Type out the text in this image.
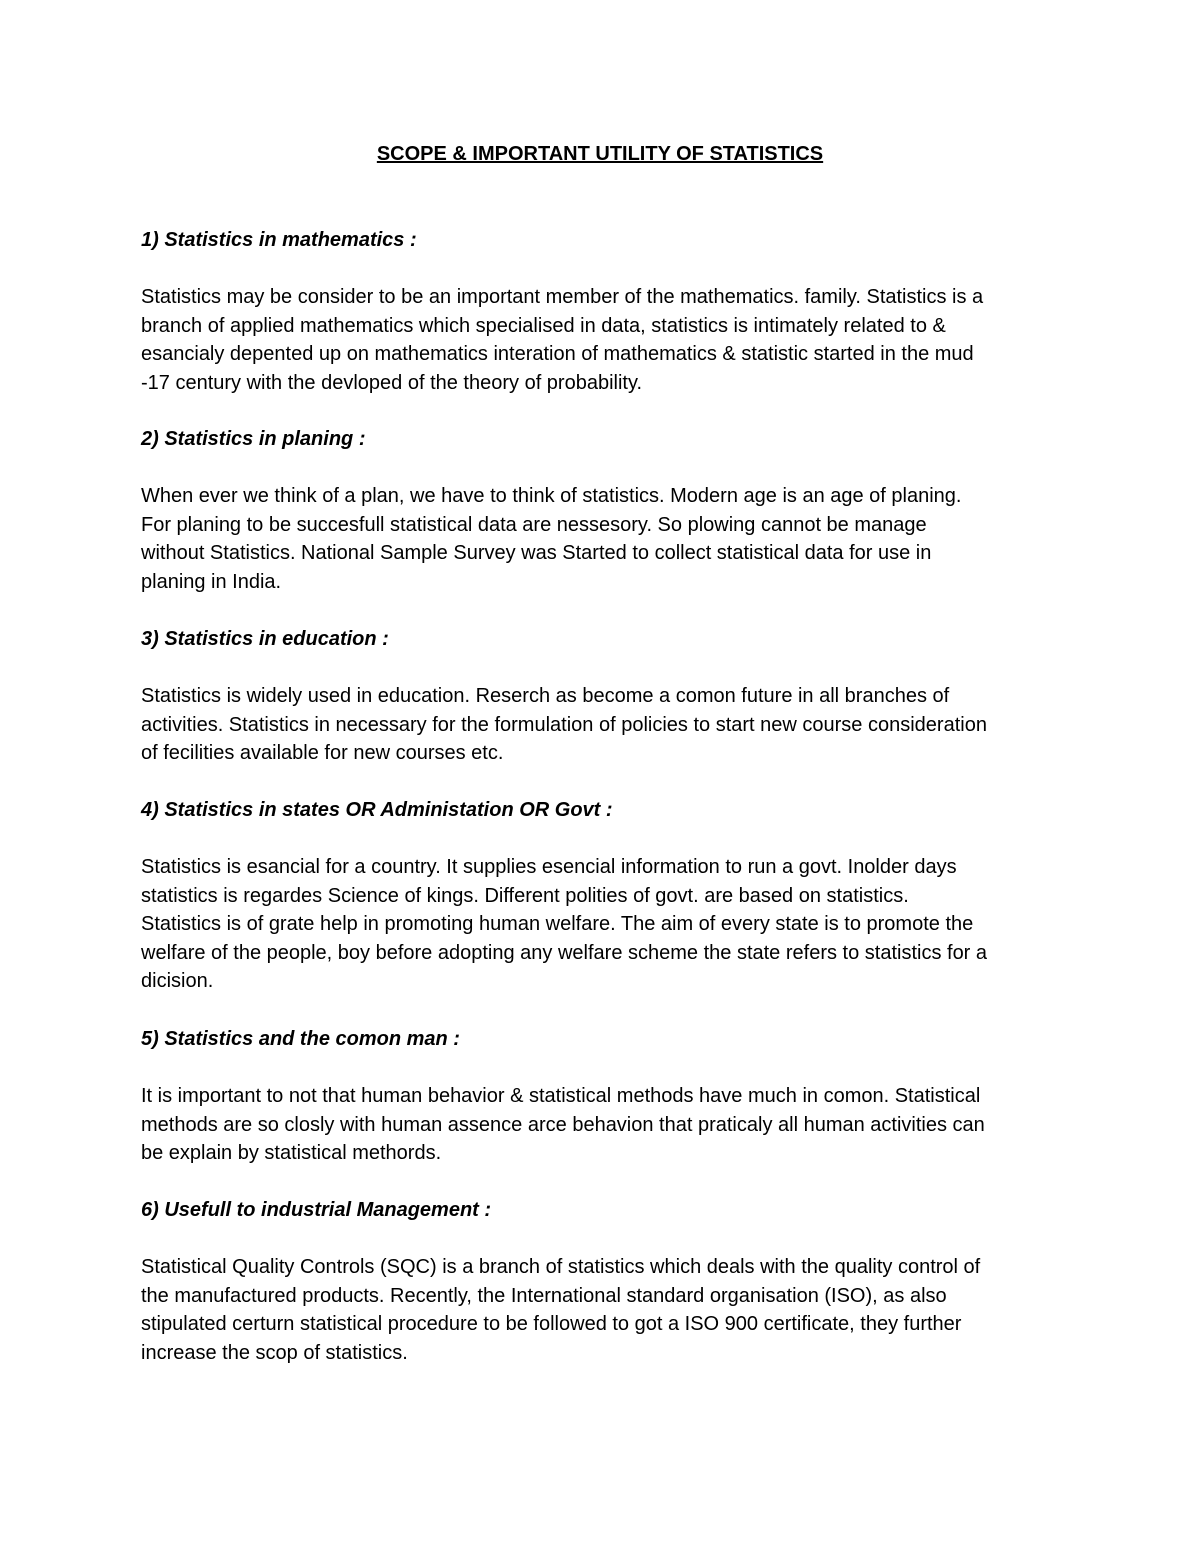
SCOPE & IMPORTANT UTILITY OF STATISTICS

1) Statistics in mathematics :

Statistics may be consider to be an important member of the mathematics. family. Statistics is a
branch of applied mathematics which specialised in data, statistics is intimately related to &
esancialy depented up on mathematics interation of mathematics & statistic started in the mud
-17 century with the devloped of the theory of probability.

2) Statistics in planing :

When ever we think of a plan, we have to think of statistics. Modern age is an age of planing.
For planing to be succesfull statistical data are nessesory. So plowing cannot be manage
without Statistics. National Sample Survey was Started to collect statistical data for use in
planing in India.

3) Statistics in education :

Statistics is widely used in education. Reserch as become a comon future in all branches of
activities. Statistics in necessary for the formulation of policies to start new course consideration
of fecilities available for new courses etc.

4) Statistics in states OR Administation OR Govt :

Statistics is esancial for a country. It supplies esencial information to run a govt. Inolder days
statistics is regardes Science of kings. Different polities of govt. are based on statistics.
Statistics is of grate help in promoting human welfare. The aim of every state is to promote the
welfare of the people, boy before adopting any welfare scheme the state refers to statistics for a
dicision.

5) Statistics and the comon man :

It is important to not that human behavior & statistical methods have much in comon. Statistical
methods are so closly with human assence arce behavion that praticaly all human activities can
be explain by statistical methords.

6) Usefull to industrial Management :

Statistical Quality Controls (SQC) is a branch of statistics which deals with the quality control of
the manufactured products. Recently, the International standard organisation (ISO), as also
stipulated certurn statistical procedure to be followed to got a ISO 900 certificate, they further
increase the scop of statistics.
